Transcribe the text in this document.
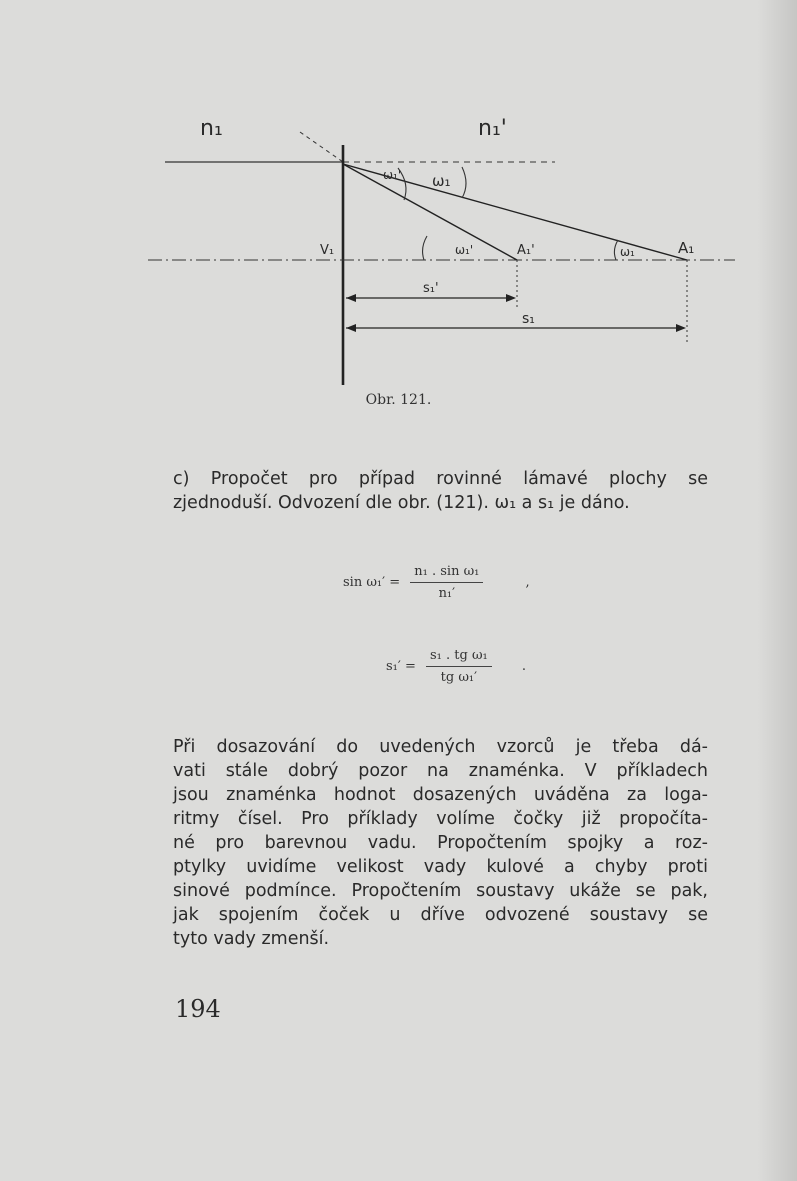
n₁	n₁'
ω₁' ω₁
V₁	ω₁'	A₁'	ω₁	A₁
s₁'
s₁
Obr. 121.
c) Propočet pro případ rovinné lámavé plochy se
zjednoduší. Odvození dle obr. (121). ω₁ a s₁ je dáno.
$\sin \omega_1' = \frac{\text{n₁ . sin ω₁}}{\text{n₁′}}$	,
$s_1' = \frac{\text{s₁ . tg ω₁}}{\text{tg ω₁′}}$ .
Při dosazování do uvedených vzorců je třeba dá-
vati stále dobrý pozor na znaménka. V příkladech
jsou znaménka hodnot dosazených uváděna za loga-
ritmy čísel. Pro příklady volíme čočky již propočíta-
né pro barevnou vadu. Propočtením spojky a roz-
ptylky uvidíme velikost vady kulové a chyby proti
sinové podmínce. Propočtením soustavy ukáže se pak,
jak spojením čoček u dříve odvozené soustavy se
tyto vady zmenší.
194
